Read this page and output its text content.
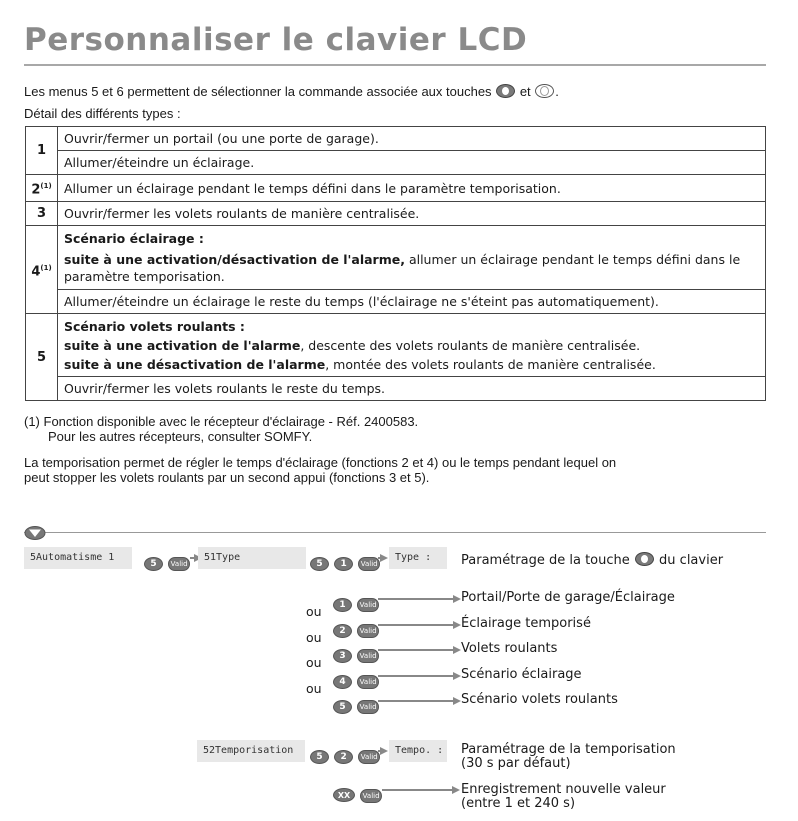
Personnaliser le clavier LCD
Les menus 5 et 6 permettent de sélectionner la commande associée aux touches et .
Détail des différents types :
1	Ouvrir/fermer un portail (ou une porte de garage).
	Allumer/éteindre un éclairage.
2$^{(1)}$	Allumer un éclairage pendant le temps défini dans le paramètre temporisation.
3	Ouvrir/fermer les volets roulants de manière centralisée.
4$^{(1)}$	Scénario éclairage :
suite à une activation/désactivation de l'alarme, allumer un éclairage pendant le temps défini dans le paramètre temporisation.
	Allumer/éteindre un éclairage le reste du temps (l'éclairage ne s'éteint pas automatiquement).
5	Scénario volets roulants :
suite à une activation de l'alarme, descente des volets roulants de manière centralisée.
suite à une désactivation de l'alarme, montée des volets roulants de manière centralisée.

	Ouvrir/fermer les volets roulants le reste du temps.
(1) Fonction disponible avec le récepteur d'éclairage - Réf. 2400583.
Pour les autres récepteurs, consulter SOMFY.
La temporisation permet de régler le temps d'éclairage (fonctions 2 et 4) ou le temps pendant lequel on
peut stopper les volets roulants par un second appui (fonctions 3 et 5).
5Automatisme 1
5 Valid
51Type
5 1 Valid
Type :	Paramétrage de la touche du clavier
1 Valid	Portail/Porte de garage/Éclairage
ou
2 Valid	Éclairage temporisé
ou
3 Valid	Volets roulants
ou
4 Valid	Scénario éclairage
ou
5 Valid	Scénario volets roulants
52Temporisation
5 2 Valid
Tempo. : Paramétrage de la temporisation
(30 s par défaut)
XX Valid	Enregistrement nouvelle valeur
(entre 1 et 240 s)
